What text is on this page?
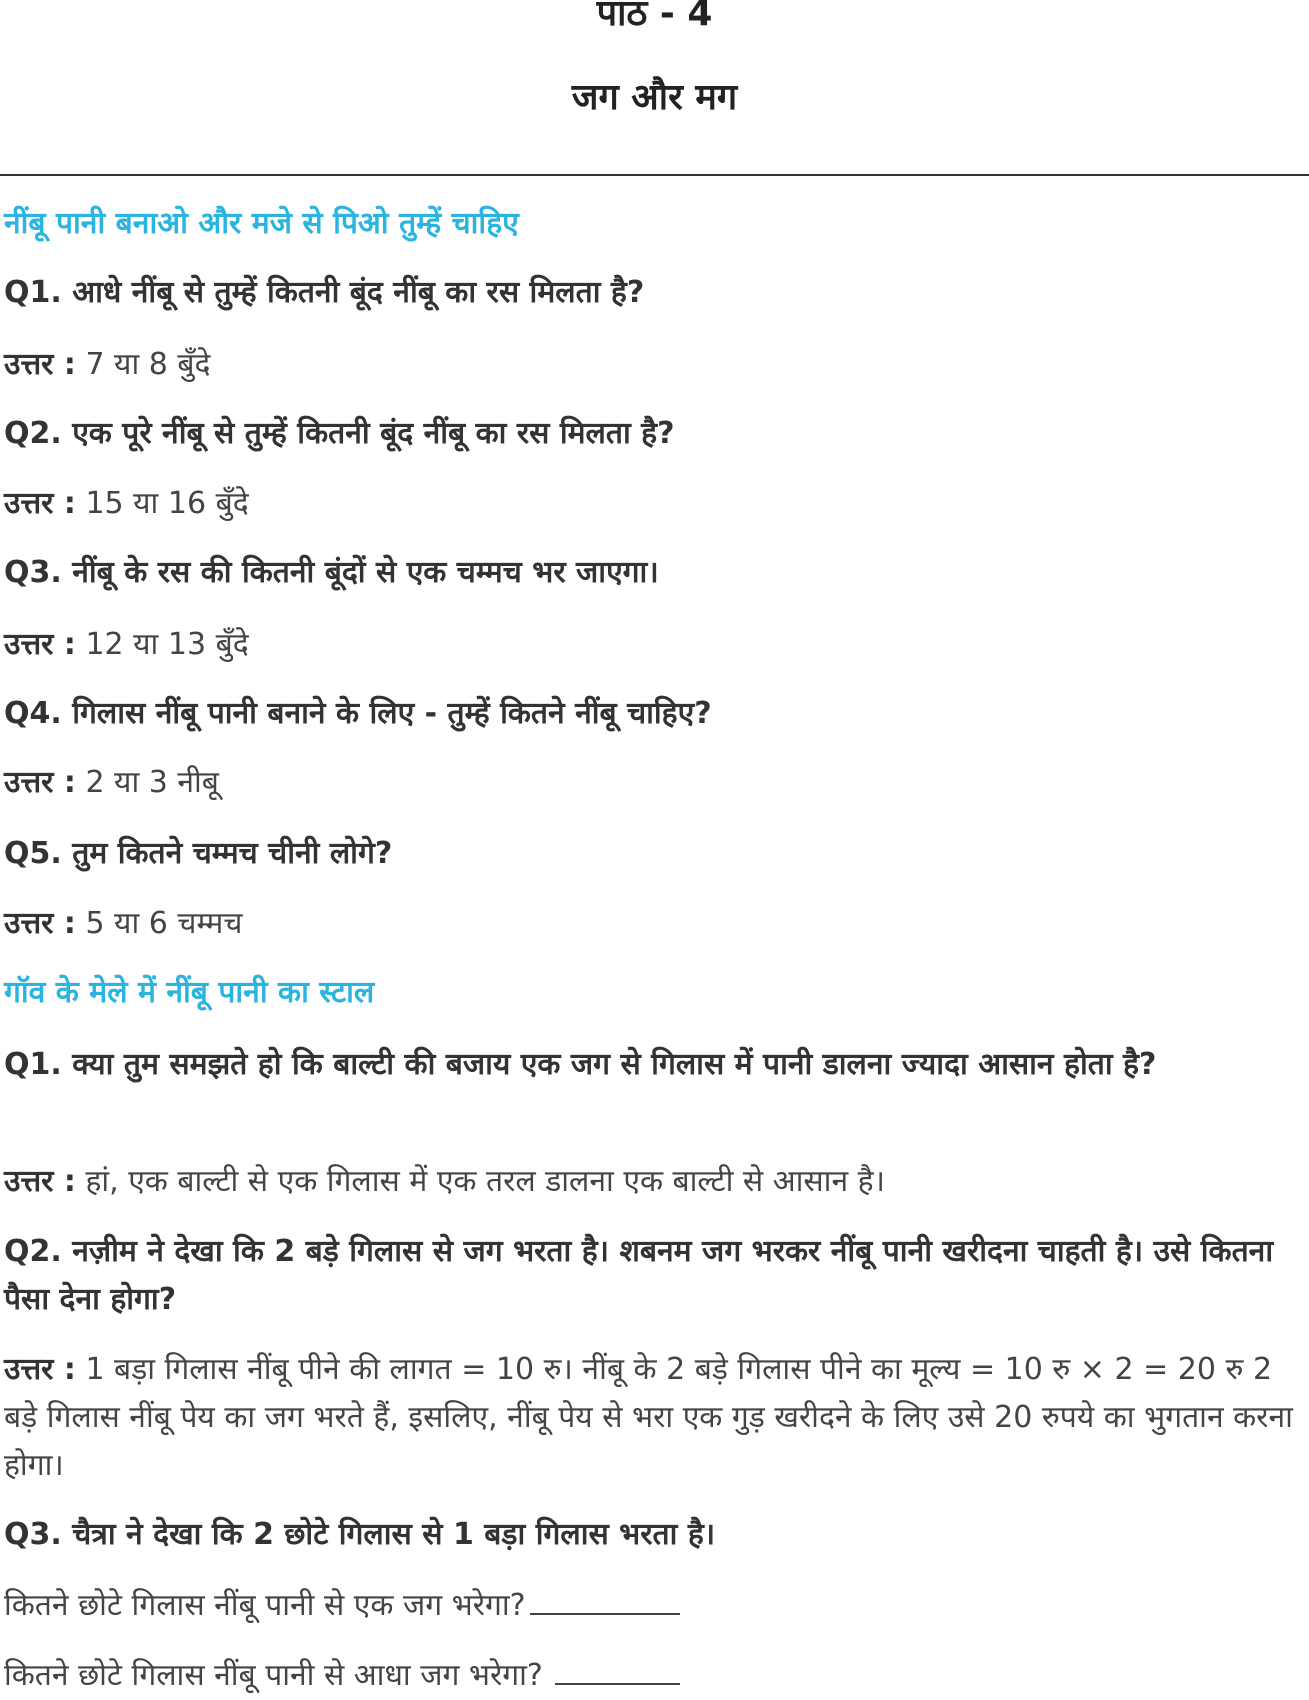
पाठ - 4
जग और मग
नींबू पानी बनाओ और मजे से पिओ तुम्हें चाहिए
Q1. आधे नींबू से तुम्हें कितनी बूंद नींबू का रस मिलता है?
उत्तर : 7 या 8 बुँदे
Q2. एक पूरे नींबू से तुम्हें कितनी बूंद नींबू का रस मिलता है?
उत्तर : 15 या 16 बुँदे
Q3. नींबू के रस की कितनी बूंदों से एक चम्मच भर जाएगा।
उत्तर : 12 या 13 बुँदे
Q4. गिलास नींबू पानी बनाने के लिए - तुम्हें कितने नींबू चाहिए?
उत्तर : 2 या 3 नीबू
Q5. तुम कितने चम्मच चीनी लोगे?
उत्तर : 5 या 6 चम्मच
गॉव के मेले में नींबू पानी का स्टाल
Q1. क्या तुम समझते हो कि बाल्टी की बजाय एक जग से गिलास में पानी डालना ज्यादा आसान होता है?
उत्तर : हां, एक बाल्टी से एक गिलास में एक तरल डालना एक बाल्टी से आसान है।
Q2. नज़ीम ने देखा कि 2 बड़े गिलास से जग भरता है। शबनम जग भरकर नींबू पानी खरीदना चाहती है। उसे कितना पैसा देना होगा?
उत्तर : 1 बड़ा गिलास नींबू पीने की लागत = 10 रु। नींबू के 2 बड़े गिलास पीने का मूल्य = 10 रु × 2 = 20 रु 2 बड़े गिलास नींबू पेय का जग भरते हैं, इसलिए, नींबू पेय से भरा एक गुड़ खरीदने के लिए उसे 20 रुपये का भुगतान करना होगा।
Q3. चैत्रा ने देखा कि 2 छोटे गिलास से 1 बड़ा गिलास भरता है।
कितने छोटे गिलास नींबू पानी से एक जग भरेगा?
कितने छोटे गिलास नींबू पानी से आधा जग भरेगा?
